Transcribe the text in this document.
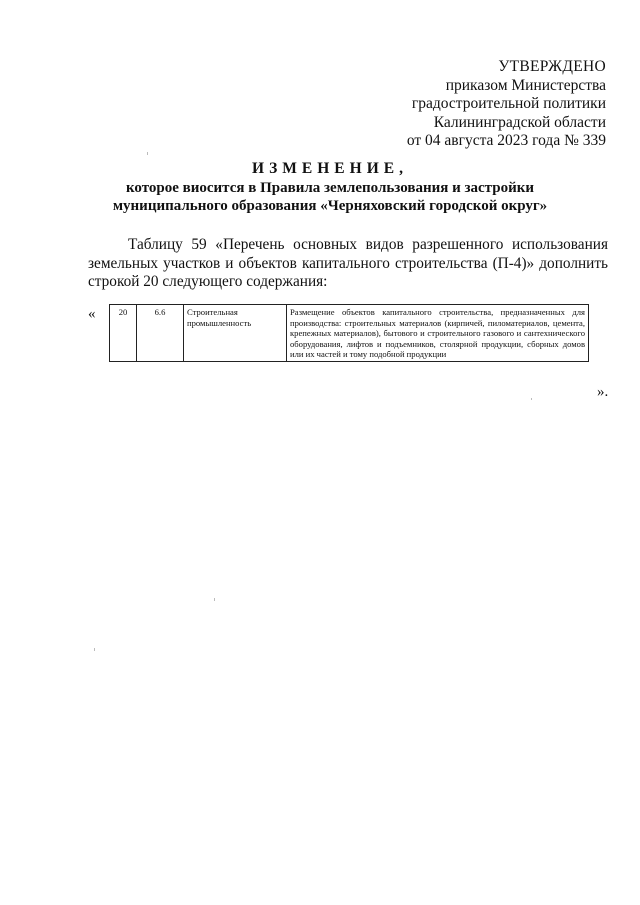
УТВЕРЖДЕНО
приказом Министерства
градостроительной политики
Калининградской области
от 04 августа 2023 года № 339
ИЗМЕНЕНИЕ,
которое виосится в Правила землепользования и застройки
муниципального образования «Черняховский городской округ»
Таблицу 59 «Перечень основных видов разрешенного использования земельных участков и объектов капитального строительства (П-4)» дополнить строкой 20 следующего содержания:
«	20	6.6	Строительная промышленность	Размещение объектов капитального строительства, предназначенных для производства: строительных материалов (кирпичей, пиломатериалов, цемента, крепежных материалов), бытового и строительного газового и сантехнического оборудования, лифтов и подъемников, столярной продукции, сборных домов или их частей и тому подобной продукции
».
